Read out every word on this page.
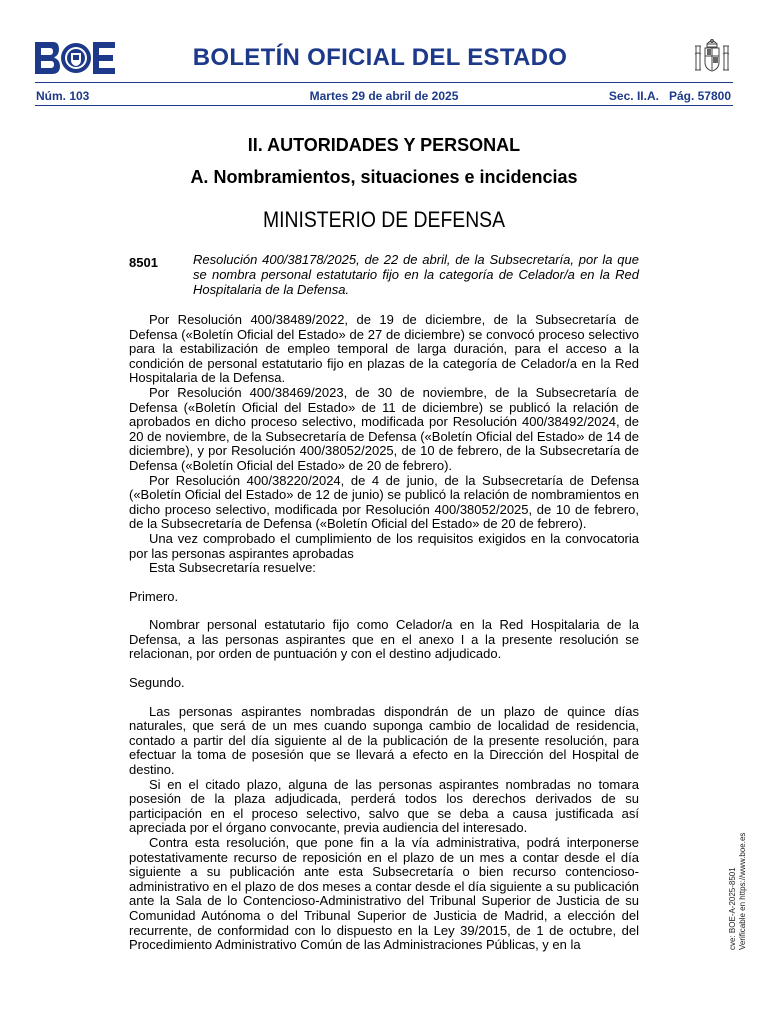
BOLETÍN OFICIAL DEL ESTADO
Núm. 103	Martes 29 de abril de 2025	Sec. II.A.   Pág. 57800
II. AUTORIDADES Y PERSONAL
A. Nombramientos, situaciones e incidencias
MINISTERIO DE DEFENSA
8501	Resolución 400/38178/2025, de 22 de abril, de la Subsecretaría, por la que se nombra personal estatutario fijo en la categoría de Celador/a en la Red Hospitalaria de la Defensa.

Por Resolución 400/38489/2022, de 19 de diciembre, de la Subsecretaría de Defensa («Boletín Oficial del Estado» de 27 de diciembre) se convocó proceso selectivo para la estabilización de empleo temporal de larga duración, para el acceso a la condición de personal estatutario fijo en plazas de la categoría de Celador/a en la Red Hospitalaria de la Defensa.

Por Resolución 400/38469/2023, de 30 de noviembre, de la Subsecretaría de Defensa («Boletín Oficial del Estado» de 11 de diciembre) se publicó la relación de aprobados en dicho proceso selectivo, modificada por Resolución 400/38492/2024, de 20 de noviembre, de la Subsecretaría de Defensa («Boletín Oficial del Estado» de 14 de diciembre), y por Resolución 400/38052/2025, de 10 de febrero, de la Subsecretaría de Defensa («Boletín Oficial del Estado» de 20 de febrero).

Por Resolución 400/38220/2024, de 4 de junio, de la Subsecretaría de Defensa («Boletín Oficial del Estado» de 12 de junio) se publicó la relación de nombramientos en dicho proceso selectivo, modificada por Resolución 400/38052/2025, de 10 de febrero, de la Subsecretaría de Defensa («Boletín Oficial del Estado» de 20 de febrero).

Una vez comprobado el cumplimiento de los requisitos exigidos en la convocatoria por las personas aspirantes aprobadas

Esta Subsecretaría resuelve:

Primero.

Nombrar personal estatutario fijo como Celador/a en la Red Hospitalaria de la Defensa, a las personas aspirantes que en el anexo I a la presente resolución se relacionan, por orden de puntuación y con el destino adjudicado.

Segundo.

Las personas aspirantes nombradas dispondrán de un plazo de quince días naturales, que será de un mes cuando suponga cambio de localidad de residencia, contado a partir del día siguiente al de la publicación de la presente resolución, para efectuar la toma de posesión que se llevará a efecto en la Dirección del Hospital de destino.

Si en el citado plazo, alguna de las personas aspirantes nombradas no tomara posesión de la plaza adjudicada, perderá todos los derechos derivados de su participación en el proceso selectivo, salvo que se deba a causa justificada así apreciada por el órgano convocante, previa audiencia del interesado.

Contra esta resolución, que pone fin a la vía administrativa, podrá interponerse potestativamente recurso de reposición en el plazo de un mes a contar desde el día siguiente a su publicación ante esta Subsecretaría o bien recurso contencioso-administrativo en el plazo de dos meses a contar desde el día siguiente a su publicación ante la Sala de lo Contencioso-Administrativo del Tribunal Superior de Justicia de su Comunidad Autónoma o del Tribunal Superior de Justicia de Madrid, a elección del recurrente, de conformidad con lo dispuesto en la Ley 39/2015, de 1 de octubre, del Procedimiento Administrativo Común de las Administraciones Públicas, y en la	cve: BOE-A-2025-8501 Verificable en https://www.boe.es
